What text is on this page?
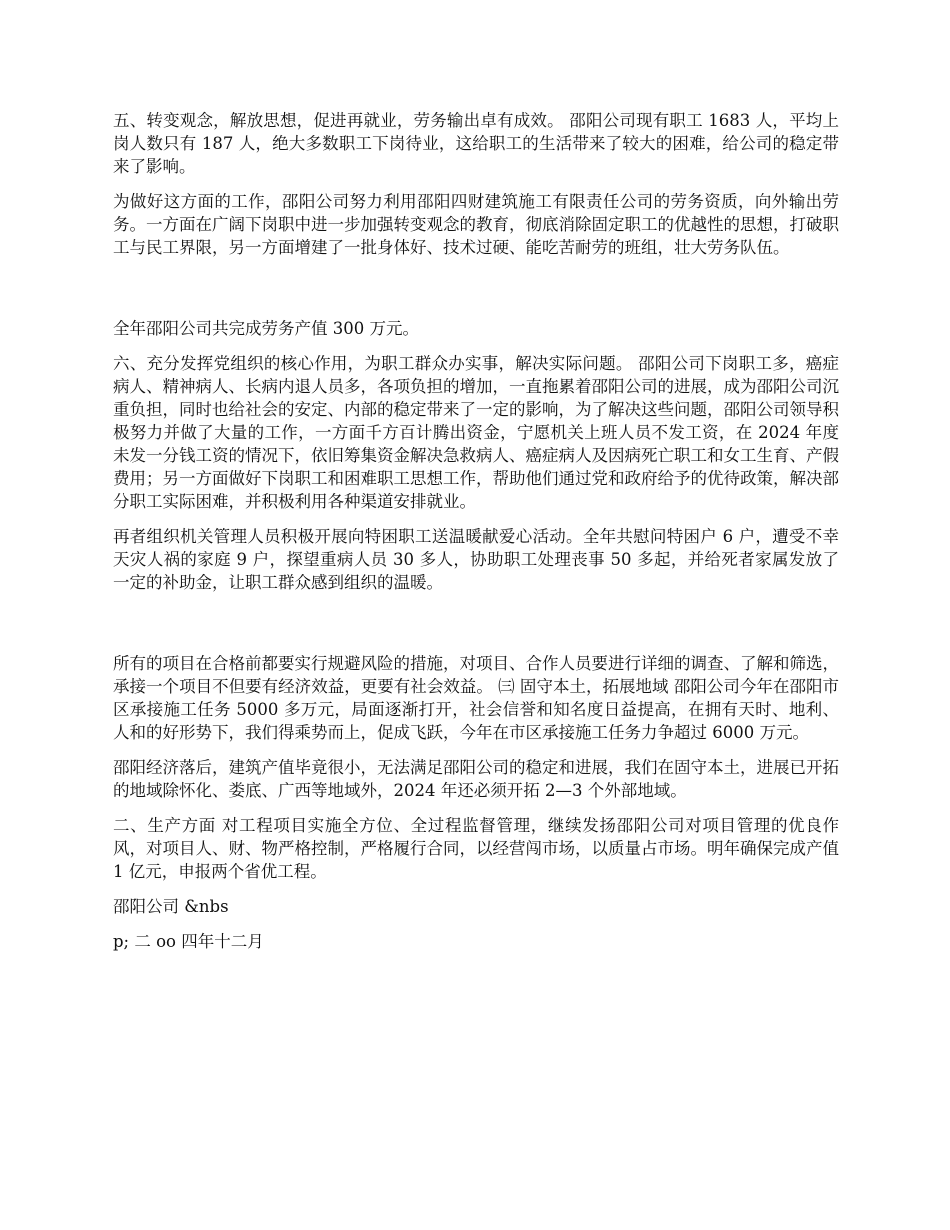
五、转变观念，解放思想，促进再就业，劳务输出卓有成效。 邵阳公司现有职工 1683 人，平均上岗人数只有 187 人，绝大多数职工下岗待业，这给职工的生活带来了较大的困难，给公司的稳定带来了影响。

为做好这方面的工作，邵阳公司努力利用邵阳四财建筑施工有限责任公司的劳务资质，向外输出劳务。一方面在广阔下岗职中进一步加强转变观念的教育，彻底消除固定职工的优越性的思想，打破职工与民工界限，另一方面增建了一批身体好、技术过硬、能吃苦耐劳的班组，壮大劳务队伍。

全年邵阳公司共完成劳务产值 300 万元。

六、充分发挥党组织的核心作用，为职工群众办实事，解决实际问题。 邵阳公司下岗职工多，癌症病人、精神病人、长病内退人员多，各项负担的增加，一直拖累着邵阳公司的进展，成为邵阳公司沉重负担，同时也给社会的安定、内部的稳定带来了一定的影响，为了解决这些问题，邵阳公司领导积极努力并做了大量的工作，一方面千方百计腾出资金，宁愿机关上班人员不发工资，在 2024 年度未发一分钱工资的情况下，依旧筹集资金解决急救病人、癌症病人及因病死亡职工和女工生育、产假费用；另一方面做好下岗职工和困难职工思想工作，帮助他们通过党和政府给予的优待政策，解决部分职工实际困难，并积极利用各种渠道安排就业。

再者组织机关管理人员积极开展向特困职工送温暖献爱心活动。全年共慰问特困户 6 户，遭受不幸天灾人祸的家庭 9 户，探望重病人员 30 多人，协助职工处理丧事 50 多起，并给死者家属发放了一定的补助金，让职工群众感到组织的温暖。

所有的项目在合格前都要实行规避风险的措施，对项目、合作人员要进行详细的调查、了解和筛选，承接一个项目不但要有经济效益，更要有社会效益。 ㈢ 固守本土，拓展地域 邵阳公司今年在邵阳市区承接施工任务 5000 多万元，局面逐渐打开，社会信誉和知名度日益提高，在拥有天时、地利、人和的好形势下，我们得乘势而上，促成飞跃，今年在市区承接施工任务力争超过 6000 万元。

邵阳经济落后，建筑产值毕竟很小，无法满足邵阳公司的稳定和进展，我们在固守本土，进展已开拓的地域除怀化、娄底、广西等地域外，2024 年还必须开拓 2—3 个外部地域。

二、生产方面 对工程项目实施全方位、全过程监督管理，继续发扬邵阳公司对项目管理的优良作风，对项目人、财、物严格控制，严格履行合同，以经营闯市场，以质量占市场。明年确保完成产值 1 亿元，申报两个省优工程。

邵阳公司 &nbs

p; 二 oo 四年十二月
